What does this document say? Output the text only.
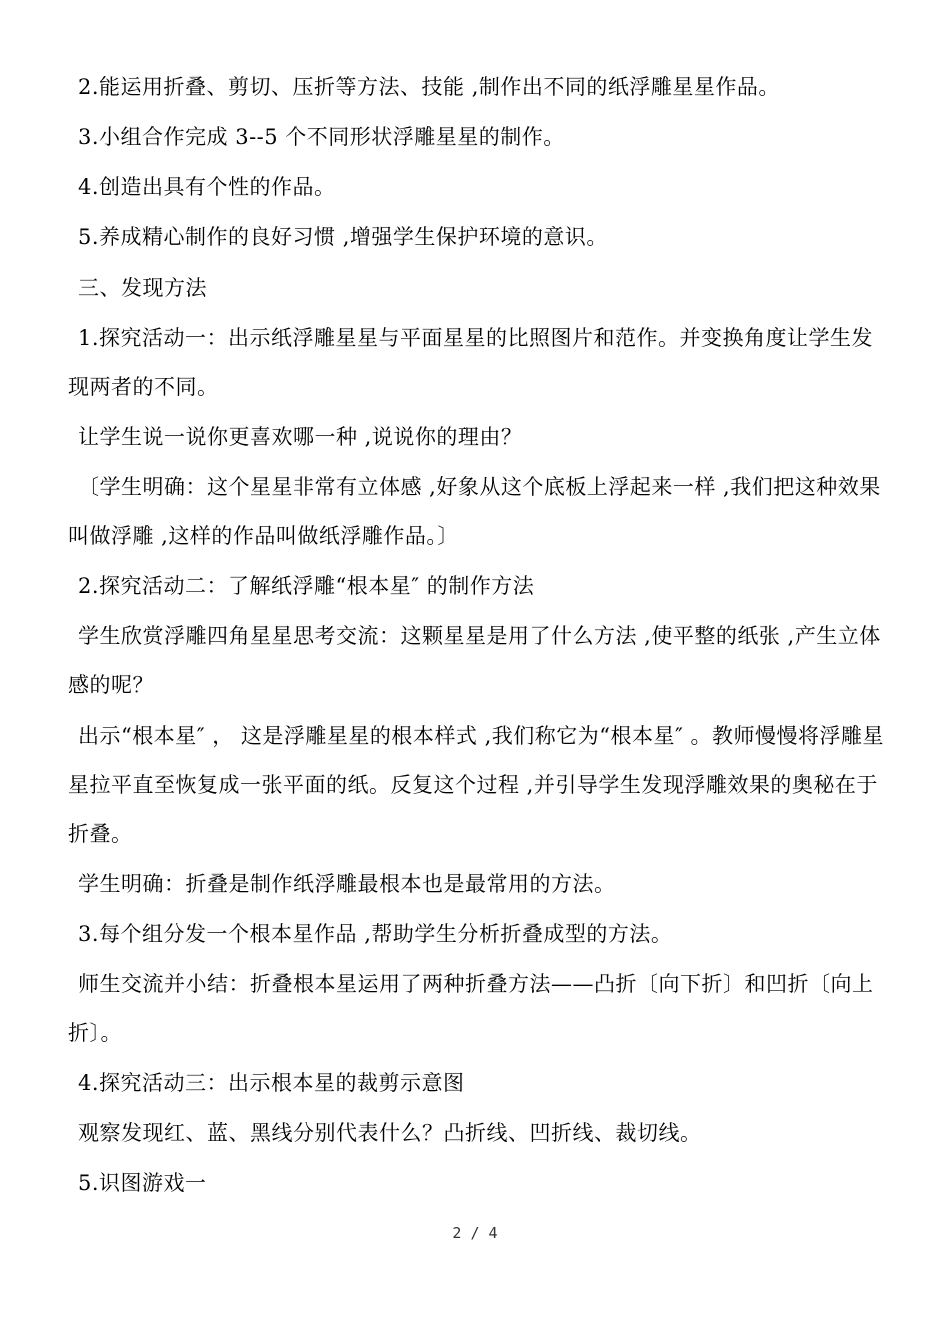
2.能运用折叠、剪切、压折等方法、技能 ,制作出不同的纸浮雕星星作品。
3.小组合作完成 3--5 个不同形状浮雕星星的制作。
4.创造出具有个性的作品。
5.养成精心制作的良好习惯 ,增强学生保护环境的意识。
三、发现方法
1.探究活动一：出示纸浮雕星星与平面星星的比照图片和范作。并变换角度让学生发现两者的不同。
让学生说一说你更喜欢哪一种 ,说说你的理由？
〔学生明确：这个星星非常有立体感 ,好象从这个底板上浮起来一样 ,我们把这种效果叫做浮雕 ,这样的作品叫做纸浮雕作品。〕
2.探究活动二：了解纸浮雕“根本星″ 的制作方法
学生欣赏浮雕四角星星思考交流：这颗星星是用了什么方法 ,使平整的纸张 ,产生立体感的呢？
出示“根本星″ ， 这是浮雕星星的根本样式 ,我们称它为“根本星″ 。教师慢慢将浮雕星星拉平直至恢复成一张平面的纸。反复这个过程 ,并引导学生发现浮雕效果的奥秘在于折叠。
学生明确：折叠是制作纸浮雕最根本也是最常用的方法。
3.每个组分发一个根本星作品 ,帮助学生分析折叠成型的方法。
师生交流并小结：折叠根本星运用了两种折叠方法——凸折〔向下折〕和凹折〔向上折〕。
4.探究活动三：出示根本星的裁剪示意图
观察发现红、蓝、黑线分别代表什么？凸折线、凹折线、裁切线。
5.识图游戏一
2 / 4
